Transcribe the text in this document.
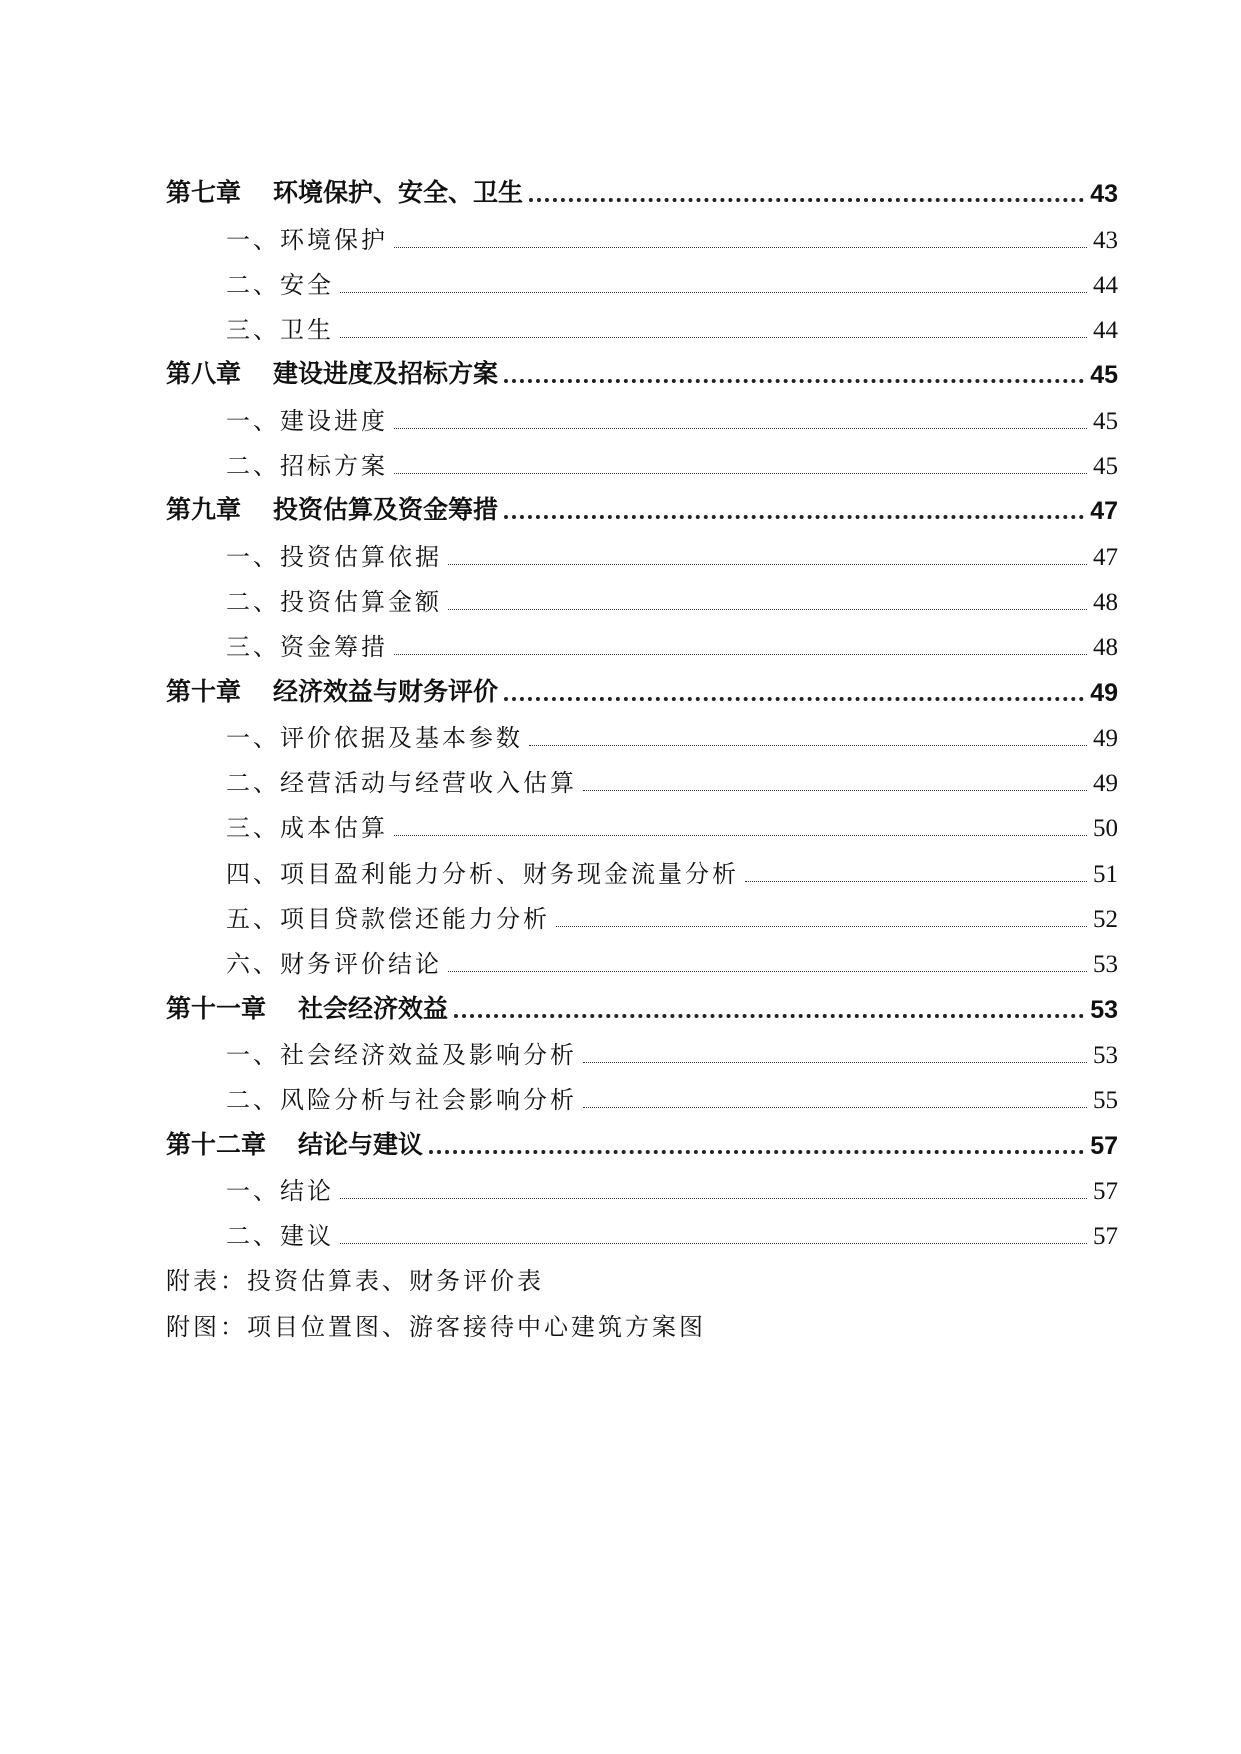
第七章 环境保护、安全、卫生	43
一、环境保护	43
二、安全	44
三、卫生	44
第八章 建设进度及招标方案	45
一、建设进度	45
二、招标方案	45
第九章 投资估算及资金筹措	47
一、投资估算依据	47
二、投资估算金额	48
三、资金筹措	48
第十章 经济效益与财务评价	49
一、评价依据及基本参数	49
二、经营活动与经营收入估算	49
三、成本估算	50
四、项目盈利能力分析、财务现金流量分析	51
五、项目贷款偿还能力分析	52
六、财务评价结论	53
第十一章 社会经济效益	53
一、社会经济效益及影响分析	53
二、风险分析与社会影响分析	55
第十二章 结论与建议	57
一、结论	57
二、建议	57
附表：投资估算表、财务评价表
附图：项目位置图、游客接待中心建筑方案图
